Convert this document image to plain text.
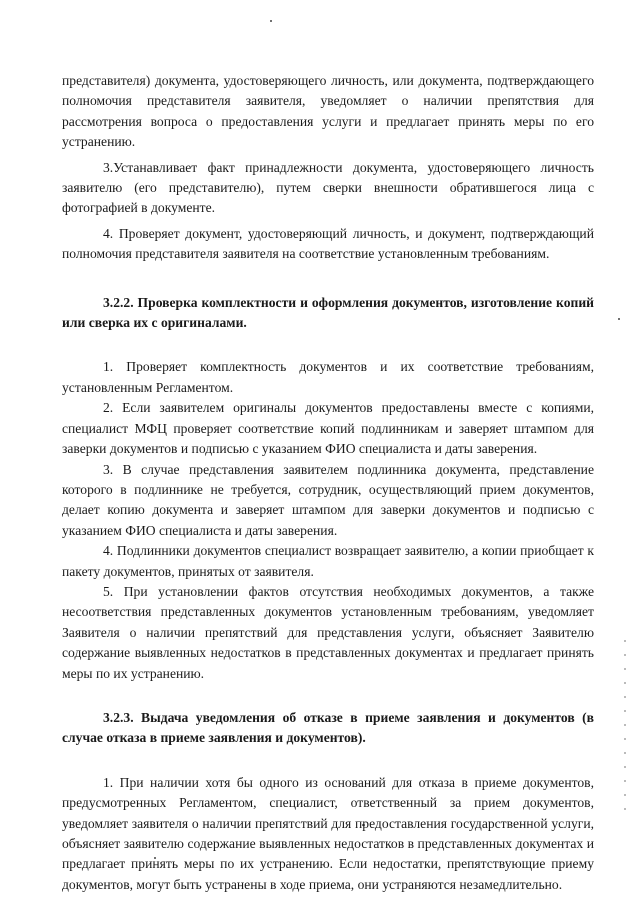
представителя) документа, удостоверяющего личность, или документа, подтверждающего полномочия представителя заявителя, уведомляет о наличии препятствия для рассмотрения вопроса о предоставления услуги и предлагает принять меры по его устранению.

3.Устанавливает факт принадлежности документа, удостоверяющего личность заявителю (его представителю), путем сверки внешности обратившегося лица с фотографией в документе.

4. Проверяет документ, удостоверяющий личность, и документ, подтверждающий полномочия представителя заявителя на соответствие установленным требованиям.

3.2.2. Проверка комплектности и оформления документов, изготовление копий или сверка их с оригиналами.

1. Проверяет комплектность документов и их соответствие требованиям, установленным Регламентом.

2. Если заявителем оригиналы документов предоставлены вместе с копиями, специалист МФЦ проверяет соответствие копий подлинникам и заверяет штампом для заверки документов и подписью с указанием ФИО специалиста и даты заверения.

3. В случае представления заявителем подлинника документа, представление которого в подлиннике не требуется, сотрудник, осуществляющий прием документов, делает копию документа и заверяет штампом для заверки документов и подписью с указанием ФИО специалиста и даты заверения.

4. Подлинники документов специалист возвращает заявителю, а копии приобщает к пакету документов, принятых от заявителя.

5. При установлении фактов отсутствия необходимых документов, а также несоответствия представленных документов установленным требованиям, уведомляет Заявителя о наличии препятствий для представления услуги, объясняет Заявителю содержание выявленных недостатков в представленных документах и предлагает принять меры по их устранению.

3.2.3. Выдача уведомления об отказе в приеме заявления и документов (в случае отказа в приеме заявления и документов).

1. При наличии хотя бы одного из оснований для отказа в приеме документов, предусмотренных Регламентом, специалист, ответственный за прием документов, уведомляет заявителя о наличии препятствий для предоставления государственной услуги, объясняет заявителю содержание выявленных недостатков в представленных документах и предлагает принять меры по их устранению. Если недостатки, препятствующие приему документов, могут быть устранены в ходе приема, они устраняются незамедлительно.
